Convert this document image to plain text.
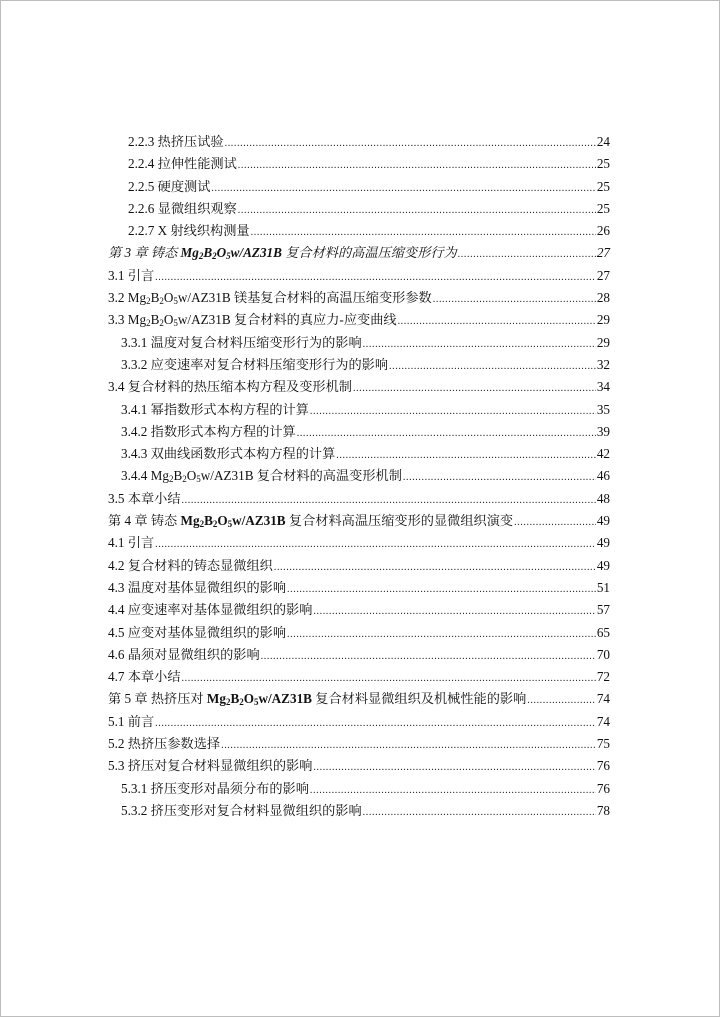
2.2.3 热挤压试验 .....	24
2.2.4 拉伸性能测试 .....	25
2.2.5 硬度测试 .....	25
2.2.6 显微组织观察 .....	25
2.2.7 X 射线织构测量 .....	26
第 3 章 铸态 $Mg_2B_2O_5w/AZ31B$ 复合材料的高温压缩变形行为 .....	27
3.1 引言 .....	27
3.2 $Mg_2B_2O_5w/AZ31B$ 镁基复合材料的高温压缩变形参数 .....	28
3.3 $Mg_2B_2O_5w/AZ31B$ 复合材料的真应力-应变曲线 .....	29
3.3.1 温度对复合材料压缩变形行为的影响 .....	29
3.3.2 应变速率对复合材料压缩变形行为的影响 .....	32
3.4 复合材料的热压缩本构方程及变形机制 .....	34
3.4.1 幂指数形式本构方程的计算 .....	35
3.4.2 指数形式本构方程的计算 .....	39
3.4.3 双曲线函数形式本构方程的计算 .....	42
3.4.4 $Mg_2B_2O_5w/AZ31B$ 复合材料的高温变形机制 .....	46
3.5 本章小结 .....	48
第 4 章 铸态 $Mg_2B_2O_5w/AZ31B$ 复合材料高温压缩变形的显微组织演变 .....	49
4.1 引言 .....	49
4.2 复合材料的铸态显微组织 .....	49
4.3 温度对基体显微组织的影响 .....	51
4.4 应变速率对基体显微组织的影响 .....	57
4.5 应变对基体显微组织的影响 .....	65
4.6 晶须对显微组织的影响 .....	70
4.7 本章小结 .....	72
第 5 章 热挤压对 $Mg_2B_2O_5w/AZ31B$ 复合材料显微组织及机械性能的影响 .....	74
5.1 前言 .....	74
5.2 热挤压参数选择 .....	75
5.3 挤压对复合材料显微组织的影响 .....	76
5.3.1 挤压变形对晶须分布的影响 .....	76
5.3.2 挤压变形对复合材料显微组织的影响 .....	78
